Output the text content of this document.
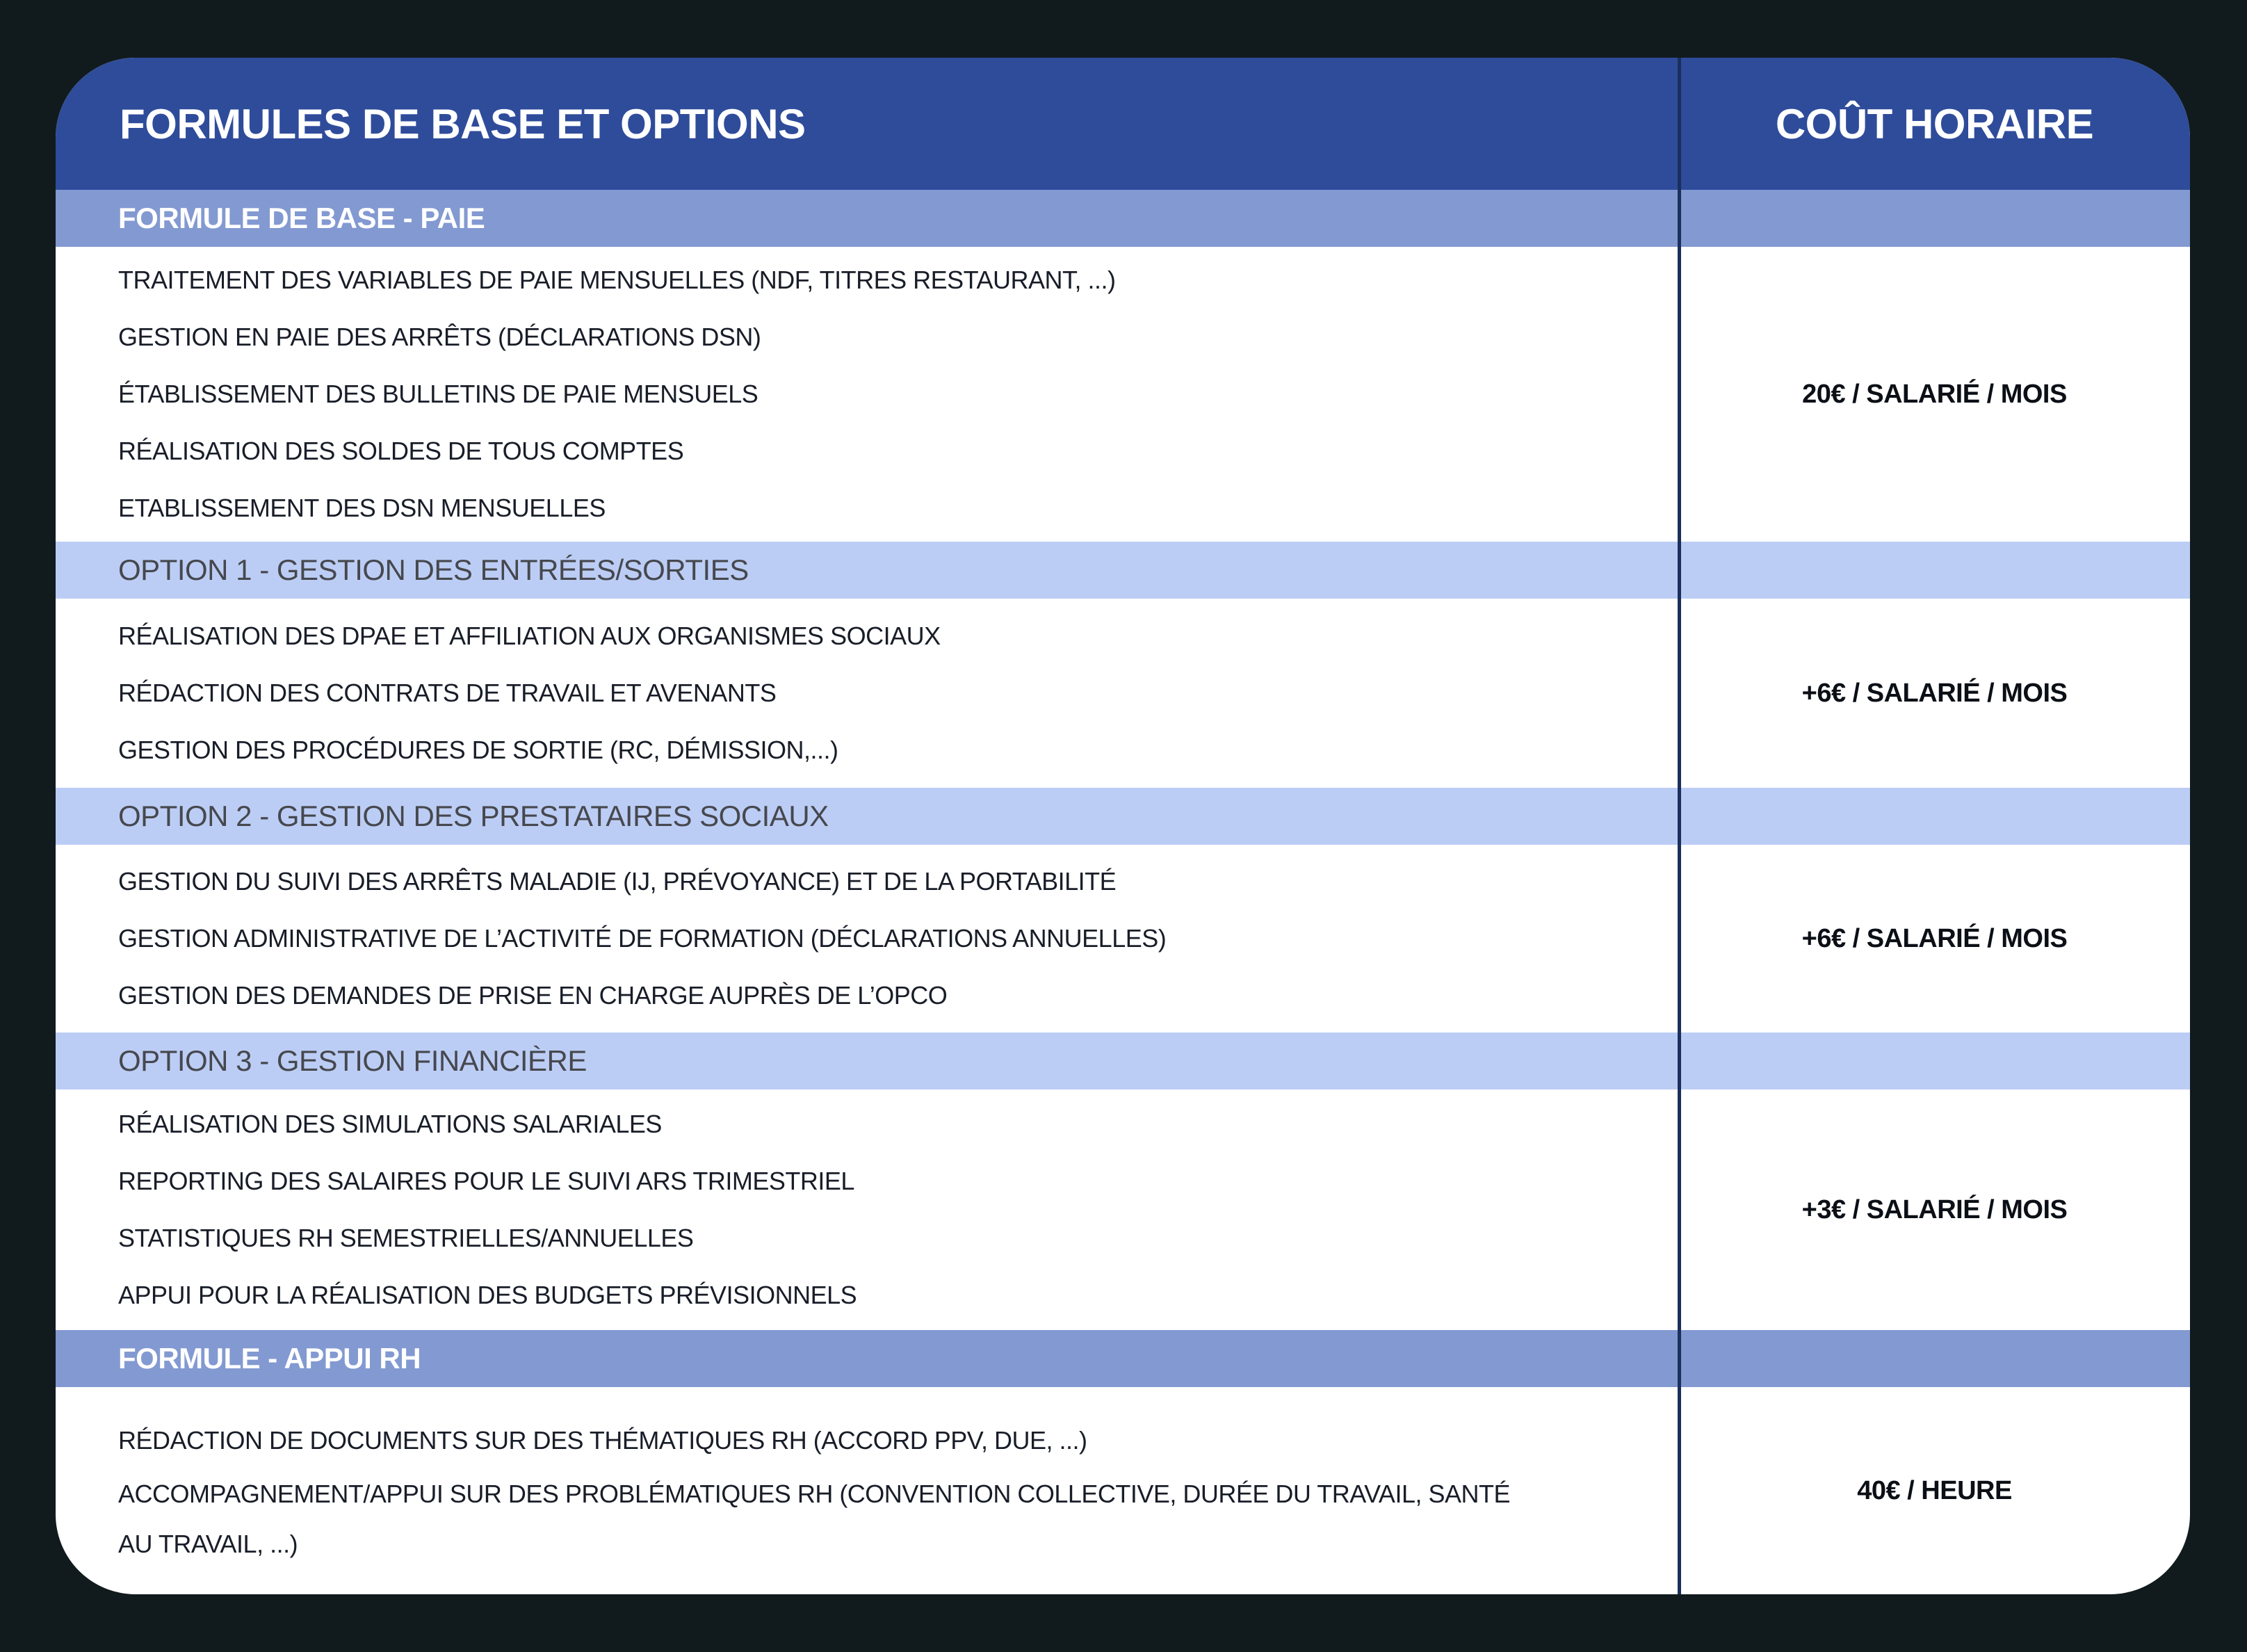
FORMULES DE BASE ET OPTIONS	COÛT HORAIRE
FORMULE DE BASE - PAIE
TRAITEMENT DES VARIABLES DE PAIE MENSUELLES (NDF, TITRES RESTAURANT, ...)
GESTION EN PAIE DES ARRÊTS (DÉCLARATIONS DSN)
ÉTABLISSEMENT DES BULLETINS DE PAIE MENSUELS
RÉALISATION DES SOLDES DE TOUS COMPTES
ETABLISSEMENT DES DSN MENSUELLES
20€ / SALARIÉ / MOIS
OPTION 1 - GESTION DES ENTRÉES/SORTIES
RÉALISATION DES DPAE ET AFFILIATION AUX ORGANISMES SOCIAUX
RÉDACTION DES CONTRATS DE TRAVAIL ET AVENANTS
GESTION DES PROCÉDURES DE SORTIE (RC, DÉMISSION,...)
+6€ / SALARIÉ / MOIS
OPTION 2 - GESTION DES PRESTATAIRES SOCIAUX
GESTION DU SUIVI DES ARRÊTS MALADIE (IJ, PRÉVOYANCE) ET DE LA PORTABILITÉ
GESTION ADMINISTRATIVE DE L’ACTIVITÉ DE FORMATION (DÉCLARATIONS ANNUELLES)
GESTION DES DEMANDES DE PRISE EN CHARGE AUPRÈS DE L’OPCO
+6€ / SALARIÉ / MOIS
OPTION 3 - GESTION FINANCIÈRE
RÉALISATION DES SIMULATIONS SALARIALES
REPORTING DES SALAIRES POUR LE SUIVI ARS TRIMESTRIEL
STATISTIQUES RH SEMESTRIELLES/ANNUELLES
APPUI POUR LA RÉALISATION DES BUDGETS PRÉVISIONNELS
+3€ / SALARIÉ / MOIS
FORMULE - APPUI RH
RÉDACTION DE DOCUMENTS SUR DES THÉMATIQUES RH (ACCORD PPV, DUE, ...)
ACCOMPAGNEMENT/APPUI SUR DES PROBLÉMATIQUES RH (CONVENTION COLLECTIVE, DURÉE DU TRAVAIL, SANTÉ AU TRAVAIL, ...)
40€ / HEURE
